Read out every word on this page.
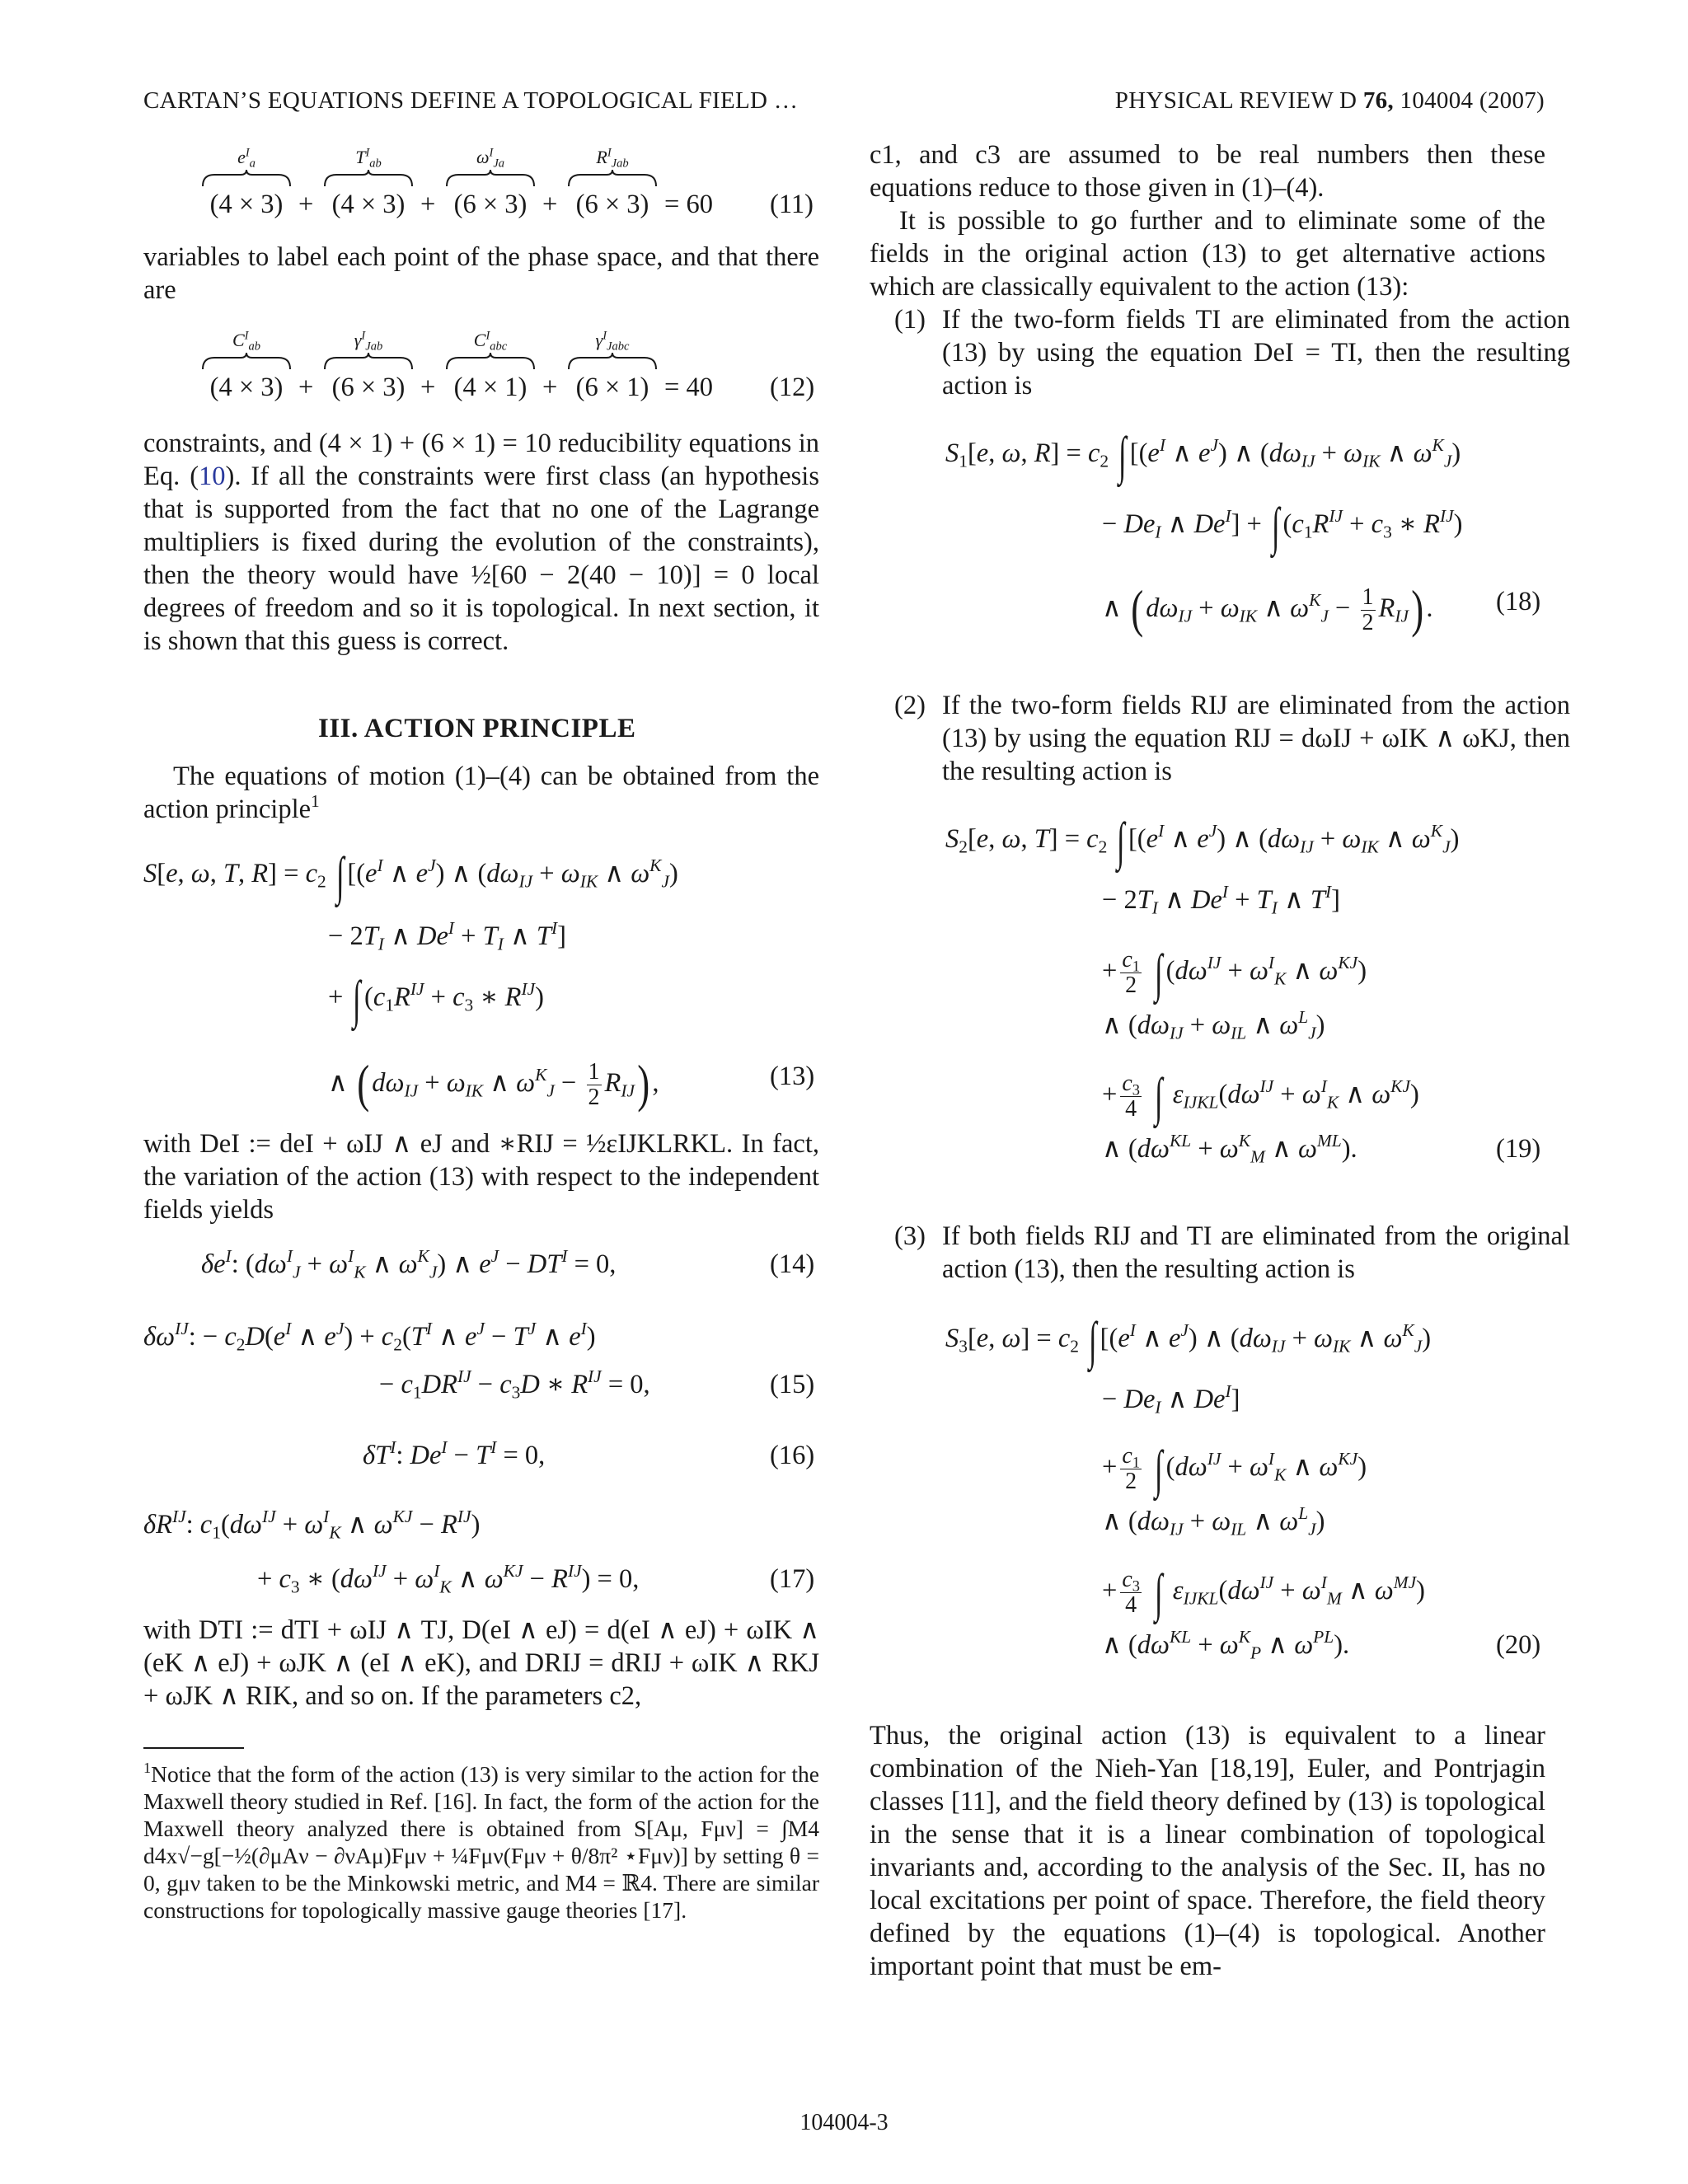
CARTAN’S EQUATIONS DEFINE A TOPOLOGICAL FIELD …	PHYSICAL REVIEW D 76, 104004 (2007)
$e^I_a$
(4 × 3) +
$T^I_{ab}$
(4 × 3) +
$\omega^I_{Ja}$
(6 × 3) +
$R^I_{Jab}$
(6 × 3) = 60 (11)
variables to label each point of the phase space, and that there are
$C^I_{ab}$
(4 × 3) +
$\gamma^I_{Jab}$
(6 × 3) +
$C^I_{abc}$
(4 × 1) +
$\gamma^I_{Jabc}$
(6 × 1) = 40 (12)
constraints, and (4 × 1) + (6 × 1) = 10 reducibility equations in Eq. (10). If all the constraints were first class (an hypothesis that is supported from the fact that no one of the Lagrange multipliers is fixed during the evolution of the constraints), then the theory would have ½[60 − 2(40 − 10)] = 0 local degrees of freedom and so it is topological. In next section, it is shown that this guess is correct.
III. ACTION PRINCIPLE
The equations of motion (1)–(4) can be obtained from the action principle$^1$
S[e, ω, T, $R] = c_2$ ∫ [($e^I$ ∧ $e^J$) ∧ ($d\omega_{IJ} + \omega_{IK}$ ∧ $\omega^K_J$)
− $2T_I$ ∧ $De^I + T_I$ ∧ $T^I$]
+ ∫ ($c_1R^{IJ} + c_3$ ∗ $R^{IJ}$)
∧ ($d\omega_{IJ} + \omega_{IK}$ ∧ $\omega^K_J - \frac{1}{2} R_{IJ}$),	(13)
with DeI := deI + ωIJ ∧ eJ and ∗RIJ = ½εIJKLRKL. In fact, the variation of the action (13) with respect to the independent fields yields
$\delta e^I$: ($d\omega^I_J + \omega^I_K$ ∧ $\omega^K_J$) ∧ $e^J - DT^I = 0$,	(14)
$\delta\omega^{IJ}$: − $c_2D(e^I$ ∧ $e^J) + c_2(T^I$ ∧ $e^J - T^J$ ∧ $e^I$)
− $c_1DR^{IJ} - c_3D$ ∗ $R^{IJ} = 0$,	(15)
$\delta T^I$: $De^I - T^I = 0$,	(16)
$\delta R^{IJ}$: $c_1(d\omega^{IJ} + \omega^I_K$ ∧ $\omega^{KJ} - R^{IJ}$)
+ $c_3$ ∗ ($d\omega^{IJ} + \omega^I_K$ ∧ $\omega^{KJ} - R^{IJ}) = 0$,	(17)
with DTI := dTI + ωIJ ∧ TJ, D(eI ∧ eJ) = d(eI ∧ eJ) + ωIK ∧ (eK ∧ eJ) + ωJK ∧ (eI ∧ eK), and DRIJ = dRIJ + ωIK ∧ RKJ + ωJK ∧ RIK, and so on. If the parameters c2,
$^1$Notice that the form of the action (13) is very similar to the action for the Maxwell theory studied in Ref. [16]. In fact, the form of the action for the Maxwell theory analyzed there is obtained from S[Aμ, Fμν] = ∫M4 d4x√−g[−½(∂μAν − ∂νAμ)Fμν + ¼Fμν(Fμν + θ/8π² ⋆Fμν)] by setting θ = 0, gμν taken to be the Minkowski metric, and M4 = ℝ4. There are similar constructions for topologically massive gauge theories [17].
c1, and c3 are assumed to be real numbers then these equations reduce to those given in (1)–(4).
It is possible to go further and to eliminate some of the fields in the original action (13) to get alternative actions which are classically equivalent to the action (13):
(1) If the two-form fields TI are eliminated from the action (13) by using the equation DeI = TI, then the resulting action is
$S_1[e$, ω, $R] = c_2$ ∫ [($e^I$ ∧ $e^J$) ∧ ($d\omega_{IJ} + \omega_{IK}$ ∧ $\omega^K_J$)
− $De_I$ ∧ $De^I$] + ∫ ($c_1R^{IJ} + c_3$ ∗ $R^{IJ}$)
∧ ($d\omega_{IJ} + \omega_{IK}$ ∧ $\omega^K_J - \frac{1}{2} R_{IJ}$). (18)
(2) If the two-form fields RIJ are eliminated from the action (13) by using the equation RIJ = dωIJ + ωIK ∧ ωKJ, then the resulting action is
$S_2[e$, ω, $T] = c_2$ ∫ [($e^I$ ∧ $e^J$) ∧ ($d\omega_{IJ} + \omega_{IK}$ ∧ $\omega^K_J$)
− $2T_I$ ∧ $De^I + T_I$ ∧ $T^I$]
+ $\frac{c_1}{2}$ ∫ ($d\omega^{IJ} + \omega^I_K$ ∧ $\omega^{KJ}$)
∧ ($d\omega_{IJ} + \omega_{IL}$ ∧ $\omega^L_J$)
+ $\frac{c_3}{4}$ ∫ $\varepsilon_{IJKL}(d\omega^{IJ} + \omega^I_K$ ∧ $\omega^{KJ}$)
∧ ($d\omega^{KL} + \omega^K_M$ ∧ $\omega^{ML}$).	(19)
(3) If both fields RIJ and TI are eliminated from the original action (13), then the resulting action is
$S_3[e$, $\omega] = c_2$ ∫ [($e^I$ ∧ $e^J$) ∧ ($d\omega_{IJ} + \omega_{IK}$ ∧ $\omega^K_J$)
− $De_I$ ∧ $De^I$]
+ $\frac{c_1}{2}$ ∫ ($d\omega^{IJ} + \omega^I_K$ ∧ $\omega^{KJ}$)
∧ ($d\omega_{IJ} + \omega_{IL}$ ∧ $\omega^L_J$)
+ $\frac{c_3}{4}$ ∫ $\varepsilon_{IJKL}(d\omega^{IJ} + \omega^I_M$ ∧ $\omega^{MJ}$)
∧ ($d\omega^{KL} + \omega^K_P$ ∧ $\omega^{PL}$).	(20)
Thus, the original action (13) is equivalent to a linear combination of the Nieh-Yan [18,19], Euler, and Pontrjagin classes [11], and the field theory defined by (13) is topological in the sense that it is a linear combination of topological invariants and, according to the analysis of the Sec. II, has no local excitations per point of space. Therefore, the field theory defined by the equations (1)–(4) is topological. Another important point that must be em-
104004-3
